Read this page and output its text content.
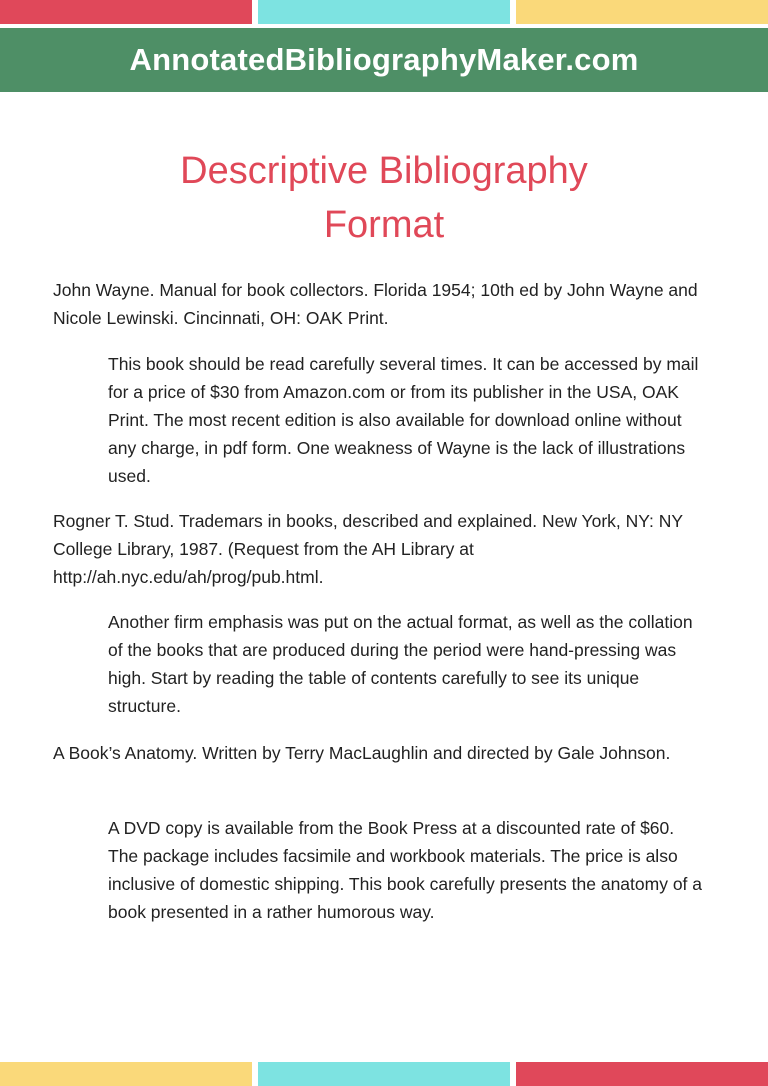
AnnotatedBibliographyMaker.com
Descriptive Bibliography
Format

John Wayne. Manual for book collectors. Florida 1954; 10th ed by John Wayne and Nicole Lewinski. Cincinnati, OH: OAK Print.

This book should be read carefully several times. It can be accessed by mail for a price of $30 from Amazon.com or from its publisher in the USA, OAK Print. The most recent edition is also available for download online without any charge, in pdf form. One weakness of Wayne is the lack of illustrations used.

Rogner T. Stud. Trademars in books, described and explained. New York, NY: NY College Library, 1987. (Request from the AH Library at http://ah.nyc.edu/ah/prog/pub.html.

Another firm emphasis was put on the actual format, as well as the collation of the books that are produced during the period were hand-pressing was high. Start by reading the table of contents carefully to see its unique structure.

A Book’s Anatomy. Written by Terry MacLaughlin and directed by Gale Johnson.

A DVD copy is available from the Book Press at a discounted rate of $60. The package includes facsimile and workbook materials. The price is also inclusive of domestic shipping. This book carefully presents the anatomy of a book presented in a rather humorous way.
